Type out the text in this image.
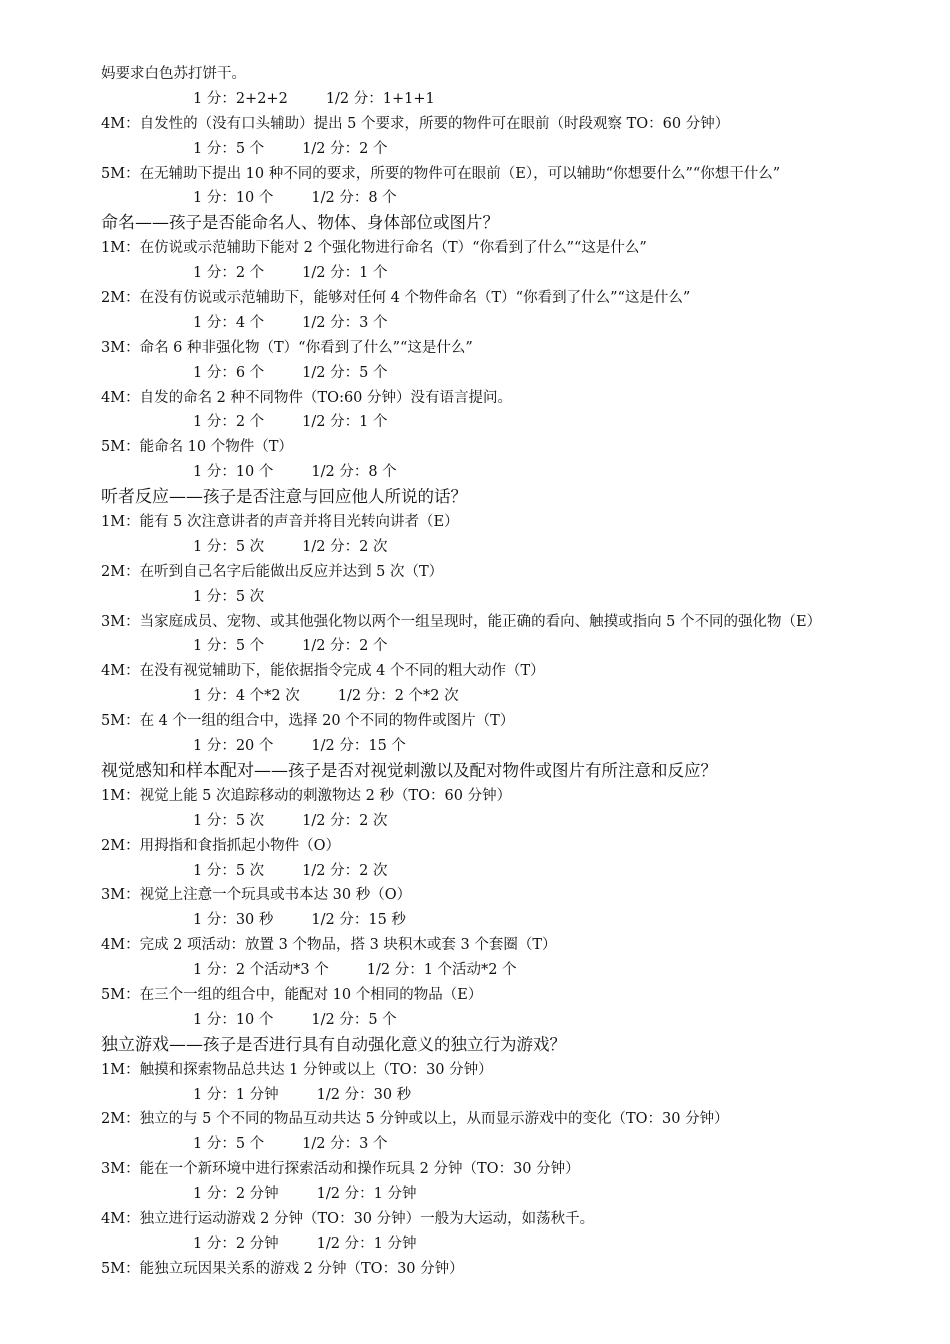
妈要求白色苏打饼干。
1 分：2+2+2	1/2 分：1+1+1
4M：自发性的（没有口头辅助）提出 5 个要求，所要的物件可在眼前（时段观察 TO：60 分钟）
1 分：5 个	1/2 分：2 个
5M：在无辅助下提出 10 种不同的要求，所要的物件可在眼前（E），可以辅助“你想要什么”“你想干什么”
1 分：10 个	1/2 分：8 个
命名——孩子是否能命名人、物体、身体部位或图片？
1M：在仿说或示范辅助下能对 2 个强化物进行命名（T）“你看到了什么”“这是什么”
1 分：2 个	1/2 分：1 个
2M：在没有仿说或示范辅助下，能够对任何 4 个物件命名（T）“你看到了什么”“这是什么”
1 分：4 个	1/2 分：3 个
3M：命名 6 种非强化物（T）“你看到了什么”“这是什么”
1 分：6 个	1/2 分：5 个
4M：自发的命名 2 种不同物件（TO:60 分钟）没有语言提问。
1 分：2 个	1/2 分：1 个
5M：能命名 10 个物件（T）
1 分：10 个	1/2 分：8 个
听者反应——孩子是否注意与回应他人所说的话？
1M：能有 5 次注意讲者的声音并将目光转向讲者（E）
1 分：5 次	1/2 分：2 次
2M：在听到自己名字后能做出反应并达到 5 次（T）
1 分：5 次
3M：当家庭成员、宠物、或其他强化物以两个一组呈现时，能正确的看向、触摸或指向 5 个不同的强化物（E）
1 分：5 个	1/2 分：2 个
4M：在没有视觉辅助下，能依据指令完成 4 个不同的粗大动作（T）
1 分：4 个*2 次	1/2 分：2 个*2 次
5M：在 4 个一组的组合中，选择 20 个不同的物件或图片（T）
1 分：20 个	1/2 分：15 个
视觉感知和样本配对——孩子是否对视觉刺激以及配对物件或图片有所注意和反应？
1M：视觉上能 5 次追踪移动的刺激物达 2 秒（TO：60 分钟）
1 分：5 次	1/2 分：2 次
2M：用拇指和食指抓起小物件（O）
1 分：5 次	1/2 分：2 次
3M：视觉上注意一个玩具或书本达 30 秒（O）
1 分：30 秒	1/2 分：15 秒
4M：完成 2 项活动：放置 3 个物品，搭 3 块积木或套 3 个套圈（T）
1 分：2 个活动*3 个	1/2 分：1 个活动*2 个
5M：在三个一组的组合中，能配对 10 个相同的物品（E）
1 分：10 个	1/2 分：5 个
独立游戏——孩子是否进行具有自动强化意义的独立行为游戏？
1M：触摸和探索物品总共达 1 分钟或以上（TO：30 分钟）
1 分：1 分钟	1/2 分：30 秒
2M：独立的与 5 个不同的物品互动共达 5 分钟或以上，从而显示游戏中的变化（TO：30 分钟）
1 分：5 个	1/2 分：3 个
3M：能在一个新环境中进行探索活动和操作玩具 2 分钟（TO：30 分钟）
1 分：2 分钟	1/2 分：1 分钟
4M：独立进行运动游戏 2 分钟（TO：30 分钟）一般为大运动，如荡秋千。
1 分：2 分钟	1/2 分：1 分钟
5M：能独立玩因果关系的游戏 2 分钟（TO：30 分钟）
